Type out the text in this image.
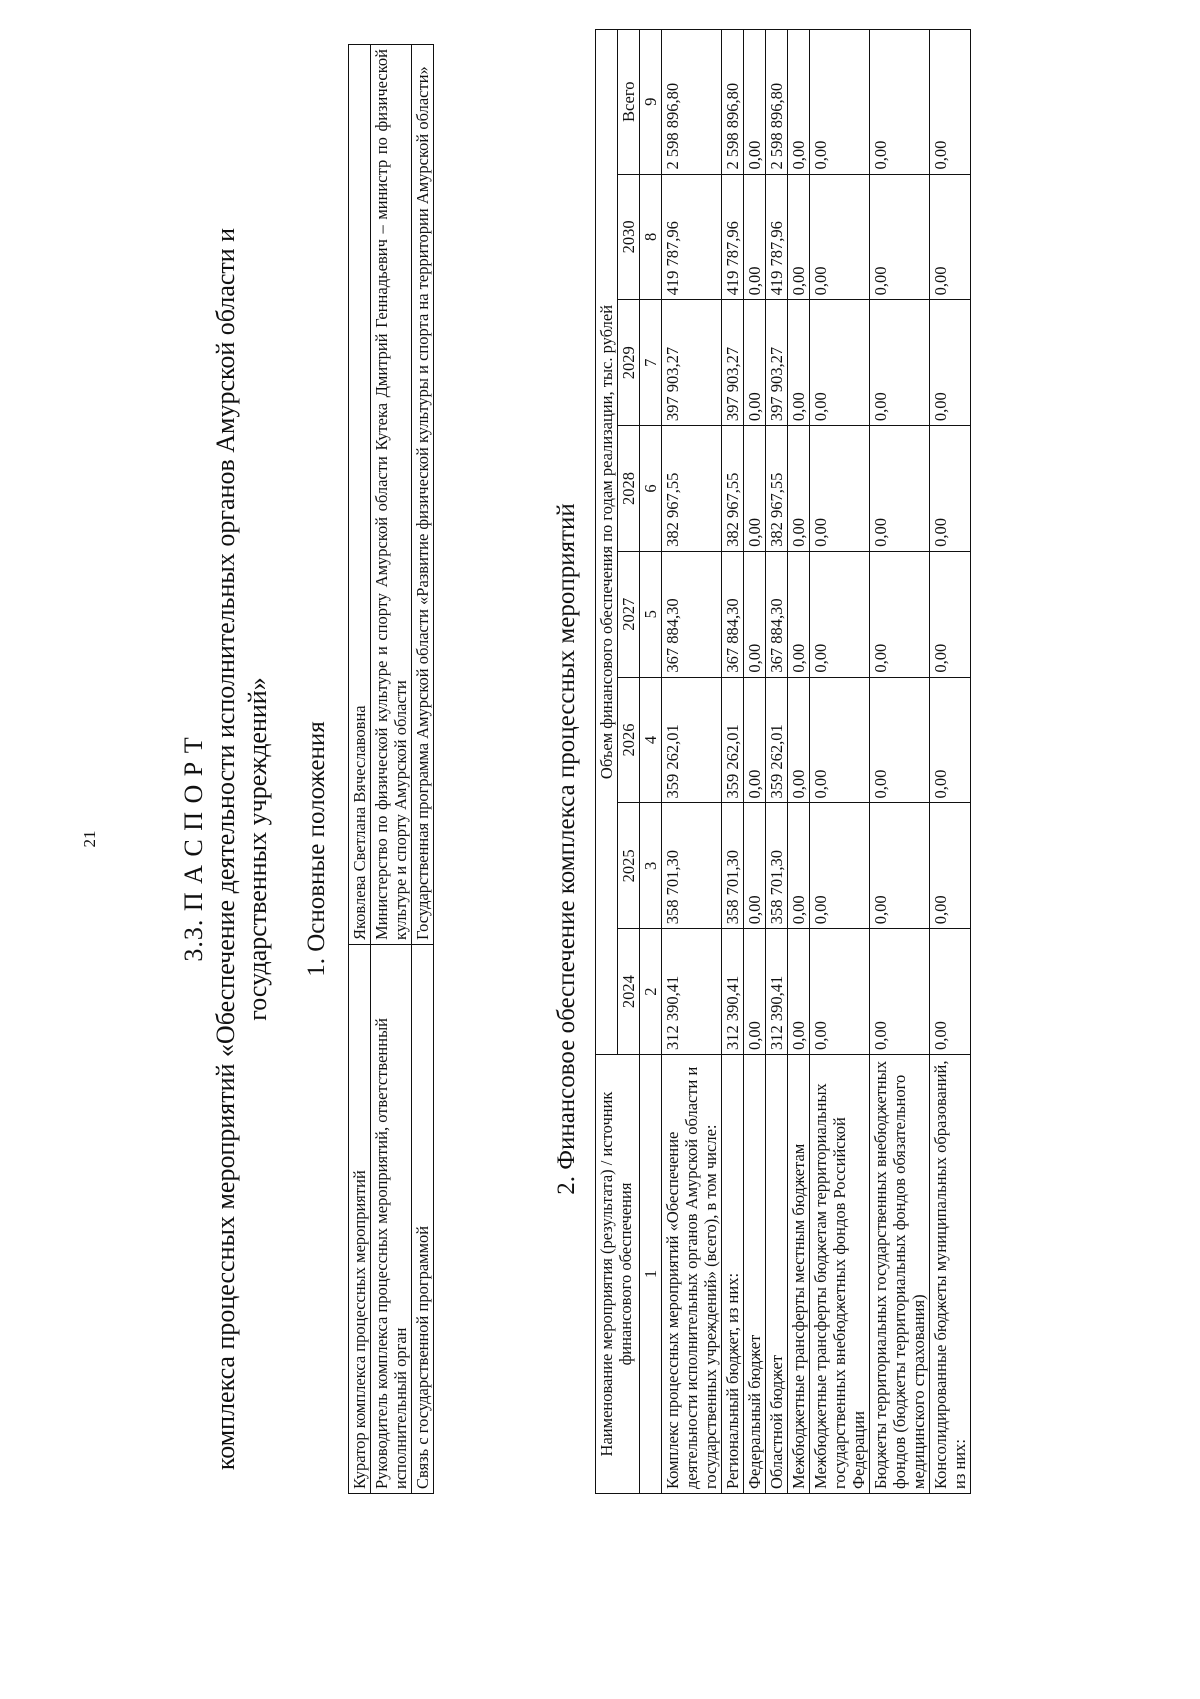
21	3.3. П А С П О Р Т комплекса процессных мероприятий «Обеспечение деятельности исполнительных органов Амурской области и государственных учреждений» 1. Основные положения
Куратор комплекса процессных мероприятий	Яковлева Светлана Вячеславовна
Руководитель комплекса процессных мероприятий, ответственный исполнительный орган	Министерство по физической культуре и спорту Амурской области Кутека Дмитрий Геннадьевич – министр по физической культуре и спорту Амурской области
Связь с государственной программой	Государственная программа Амурской области «Развитие физической культуры и спорта на территории Амурской области»	2. Финансовое обеспечение комплекса процессных мероприятий
Наименование мероприятия (результата) / источник финансового обеспечения	Объем финансового обеспечения по годам реализации, тыс. рублей							
	2024	2025	2026	2027	2028	2029	2030	Всего
1	2	3	4	5	6	7	8	9
Комплекс процессных мероприятий «Обеспечение деятельности исполнительных органов Амурской области и государственных учреждений» (всего), в том числе:	312 390,41	358 701,30	359 262,01	367 884,30	382 967,55	397 903,27	419 787,96	2 598 896,80
Региональный бюджет, из них:	312 390,41	358 701,30	359 262,01	367 884,30	382 967,55	397 903,27	419 787,96	2 598 896,80
Федеральный бюджет	0,00	0,00	0,00	0,00	0,00	0,00	0,00	0,00
Областной бюджет	312 390,41	358 701,30	359 262,01	367 884,30	382 967,55	397 903,27	419 787,96	2 598 896,80
Межбюджетные трансферты местным бюджетам	0,00	0,00	0,00	0,00	0,00	0,00	0,00	0,00
Межбюджетные трансферты бюджетам территориальных государственных внебюджетных фондов Российской Федерации	0,00	0,00	0,00	0,00	0,00	0,00	0,00	0,00
Бюджеты территориальных государственных внебюджетных фондов (бюджеты территориальных фондов обязательного медицинского страхования)	0,00	0,00	0,00	0,00	0,00	0,00	0,00	0,00
Консолидированные бюджеты муниципальных образований, из них:	0,00	0,00	0,00	0,00	0,00	0,00	0,00	0,00
